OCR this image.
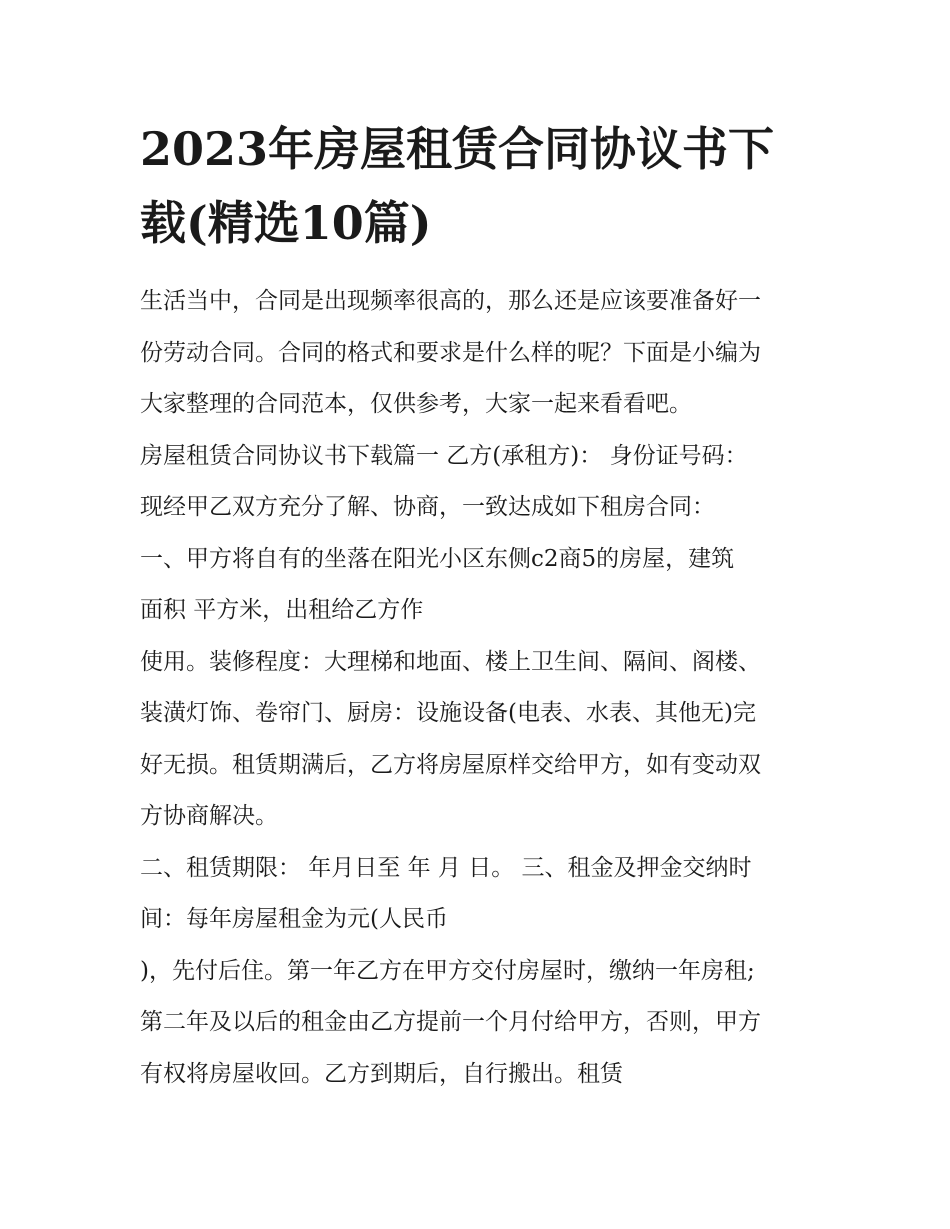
2023年房屋租赁合同协议书下
载(精选10篇)
生活当中，合同是出现频率很高的，那么还是应该要准备好一
份劳动合同。合同的格式和要求是什么样的呢？下面是小编为
大家整理的合同范本，仅供参考，大家一起来看看吧。
房屋租赁合同协议书下载篇一 乙方(承租方)： 身份证号码：
现经甲乙双方充分了解、协商，一致达成如下租房合同：
一、甲方将自有的坐落在阳光小区东侧c2商5的房屋，建筑
面积 平方米，出租给乙方作
使用。装修程度：大理梯和地面、楼上卫生间、隔间、阁楼、
装潢灯饰、卷帘门、厨房：设施设备(电表、水表、其他无)完
好无损。租赁期满后，乙方将房屋原样交给甲方，如有变动双
方协商解决。
二、租赁期限： 年月日至 年 月 日。 三、租金及押金交纳时
间：每年房屋租金为元(人民币
)，先付后住。第一年乙方在甲方交付房屋时，缴纳一年房租;
第二年及以后的租金由乙方提前一个月付给甲方，否则，甲方
有权将房屋收回。乙方到期后，自行搬出。租赁
